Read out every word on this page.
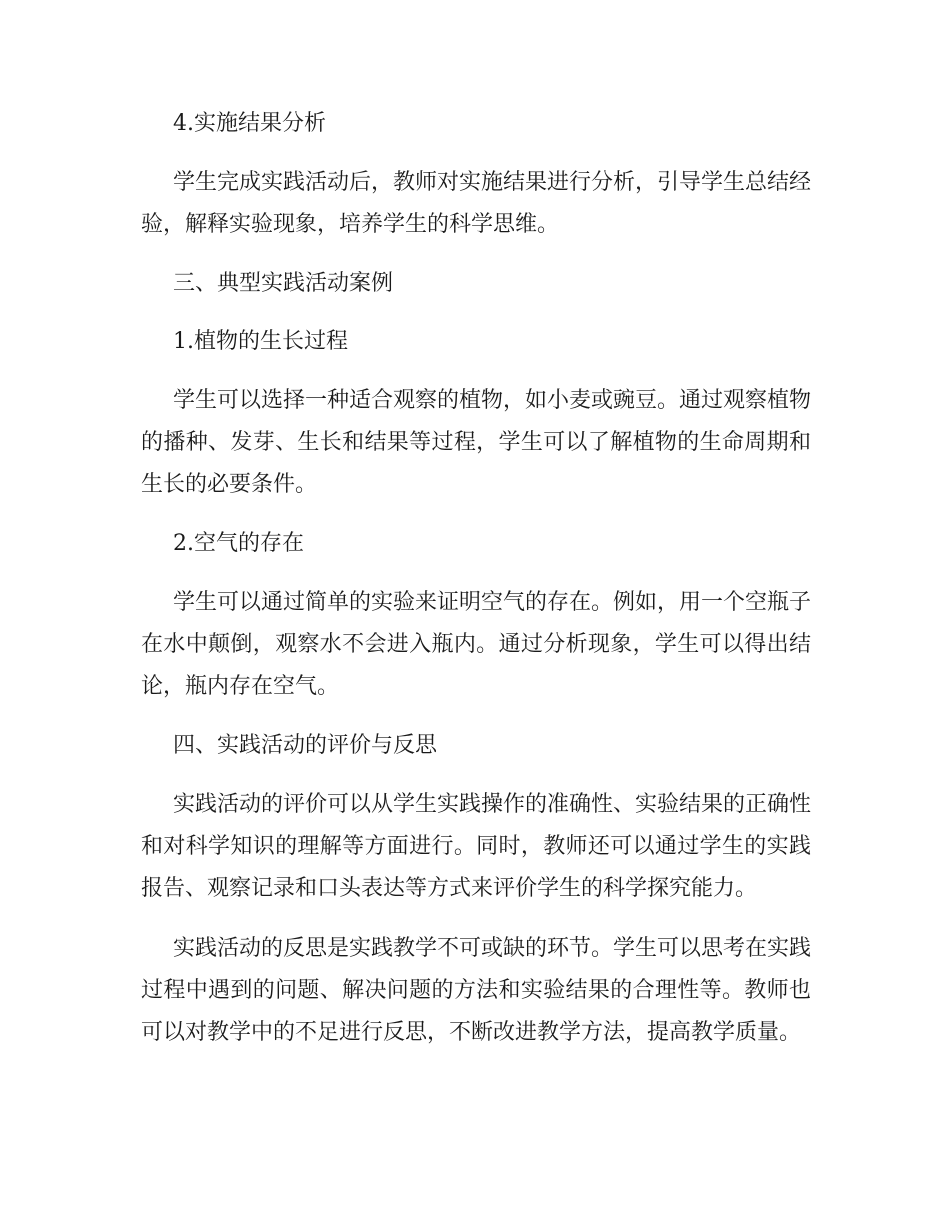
4.实施结果分析

学生完成实践活动后，教师对实施结果进行分析，引导学生总结经验，解释实验现象，培养学生的科学思维。

三、典型实践活动案例
1.植物的生长过程

学生可以选择一种适合观察的植物，如小麦或豌豆。通过观察植物的播种、发芽、生长和结果等过程，学生可以了解植物的生命周期和生长的必要条件。

2.空气的存在

学生可以通过简单的实验来证明空气的存在。例如，用一个空瓶子在水中颠倒，观察水不会进入瓶内。通过分析现象，学生可以得出结论，瓶内存在空气。

四、实践活动的评价与反思

实践活动的评价可以从学生实践操作的准确性、实验结果的正确性和对科学知识的理解等方面进行。同时，教师还可以通过学生的实践报告、观察记录和口头表达等方式来评价学生的科学探究能力。

实践活动的反思是实践教学不可或缺的环节。学生可以思考在实践过程中遇到的问题、解决问题的方法和实验结果的合理性等。教师也可以对教学中的不足进行反思，不断改进教学方法，提高教学质量。
